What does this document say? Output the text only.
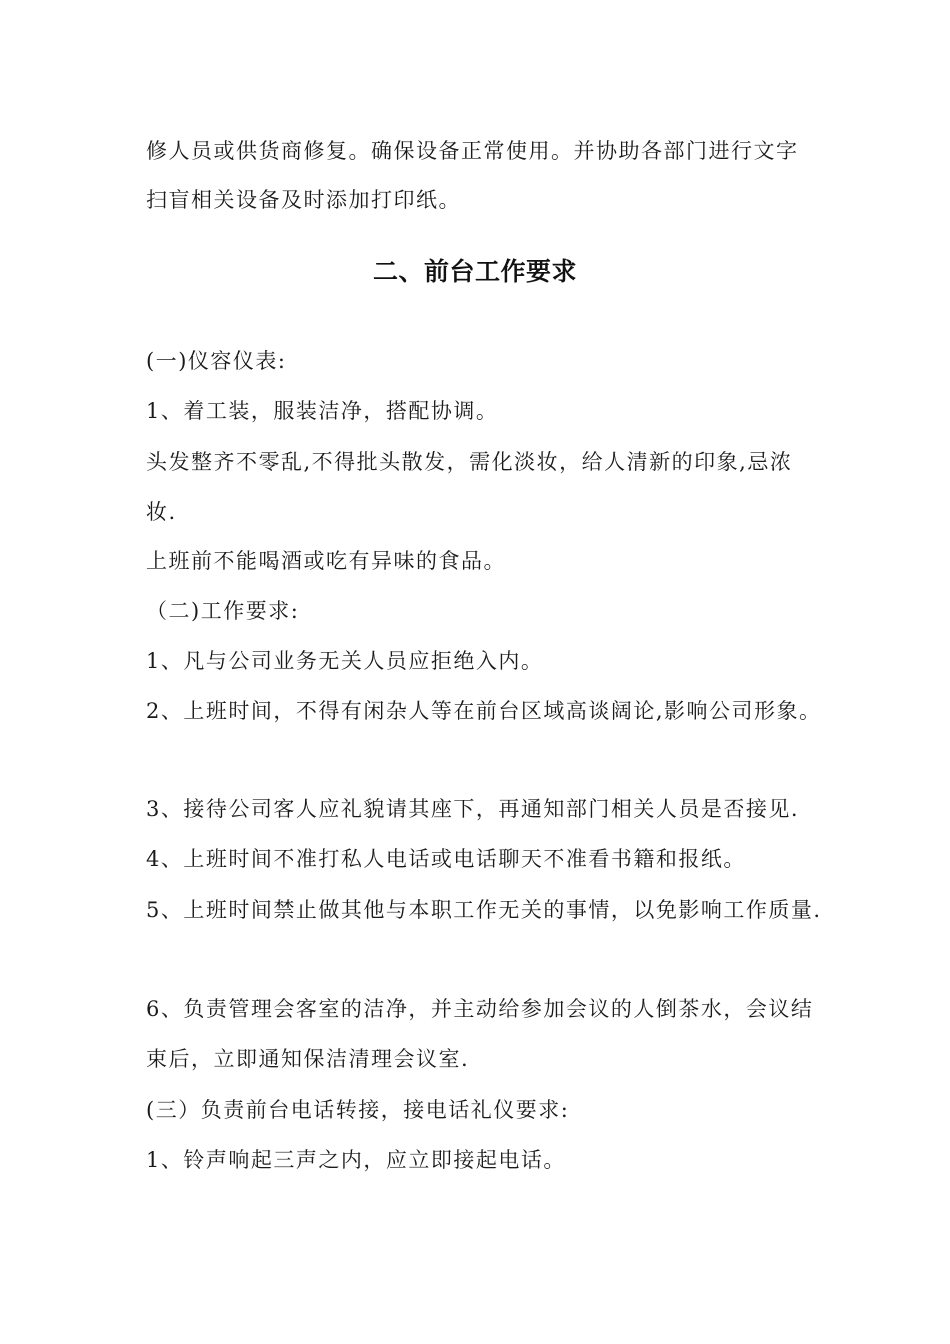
修人员或供货商修复。确保设备正常使用。并协助各部门进行文字
扫盲相关设备及时添加打印纸。
二、前台工作要求
(一)仪容仪表:
1、着工装，服装洁净，搭配协调。
头发整齐不零乱,不得批头散发，需化淡妆，给人清新的印象,忌浓
妆.
上班前不能喝酒或吃有异味的食品。
（二)工作要求:
1、凡与公司业务无关人员应拒绝入内。
2、上班时间，不得有闲杂人等在前台区域高谈阔论,影响公司形象。
3、接待公司客人应礼貌请其座下，再通知部门相关人员是否接见.
4、上班时间不准打私人电话或电话聊天不准看书籍和报纸。
5、上班时间禁止做其他与本职工作无关的事情，以免影响工作质量.
6、负责管理会客室的洁净，并主动给参加会议的人倒茶水，会议结
束后，立即通知保洁清理会议室.
(三）负责前台电话转接，接电话礼仪要求:
1、铃声响起三声之内，应立即接起电话。
